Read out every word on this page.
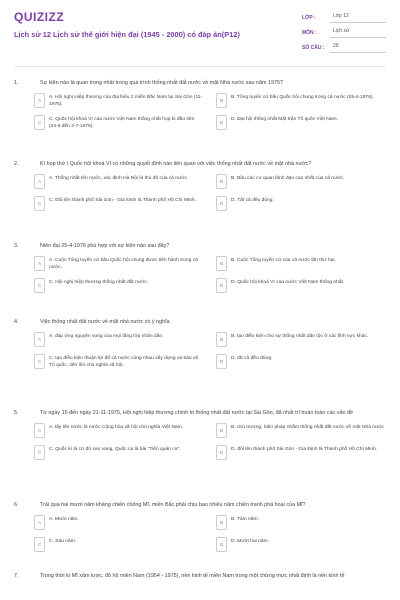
QUIZIZZ
Lịch sử 12 Lịch sử thế giới hiện đại (1945 - 2000) có đáp án(P12)
LỚP :	Lớp 12
MÔN :	Lịch sử
SỐ CÂU :	29
1.	Sự kiện nào là quan trọng nhất trong quá trình thống nhất đất nước về mặt Nhà nước sau năm 1975?
A
A. Hội nghị Hiệp thương của đại biểu 2 miền Bắc Nam tại Sài Gòn (11-1975).
B
B. Tổng tuyển cử bầu Quốc hội chung trong cả nước (25-4-1976).
C
C. Quốc hội khoá VI của nước Việt Nam thống nhất họp kì đầu tiên (24-6 đến 2-7-1976).
D
D. Đại hội thống nhất Mặt trận Tổ quốc Việt Nam.
2.	Kì họp thứ I Quốc hội khoá VI có những quyết định nào liên quan với việc thống nhất đất nước về mặt nhà nước?
A
A. Thống nhất tên nước, xác định Hà Nội là thủ đô của cả nước.
B
B. Bầu các cơ quan lãnh đạo cao nhất của cả nước.
C
C. Đổi tên thành phố Sài Gòn - Gia Định là Thành phố Hồ Chí Minh.
D
D. Tất cả đều đúng.
3.	Niên đại 25-4-1976 phù hợp với sự kiện nào sau đây?
A
A. Cuộc Tổng tuyển cử bầu Quốc hội chung được tiến hành trong cả nước.
B
B. Cuộc Tổng tuyển cử của cả nước lần thứ hai.
C
C. Hội nghị hiệp thương thống nhất đất nước.
D
D. Quốc hội khoá VI của nước Việt Nam thống nhất.
4.	Việc thống nhất đất nước về mặt nhà nước có ý nghĩa
A
A. đáp ứng nguyện vọng của mọi tầng lớp nhân dân.
B
B. tạo điều kiện cho sự thống nhất dân tộc ở các lĩnh vực khác.
C
C. tạo điều kiện thuận lợi để cả nước cùng nhau xây dựng và bảo vệ Tổ quốc, tiến lên chủ nghĩa xã hội.
D
D. tất cả đều đúng.
5.	Từ ngày 15 đến ngày 21-11-1975, Hội nghị hiệp thương chính trị thống nhất đất nước tại Sài Gòn, đã nhất trí hoàn toàn các vấn đề
A
A. lấy tên nước là nước Cộng hòa xã hội chủ nghĩa Việt Nam.
B
B. chủ trương, biện pháp nhằm thống nhất đất nước về mặt Nhà nước
C
C. Quốc kì là cờ đỏ sao vàng, Quốc ca là bài "Tiến quân ca".
D
D. đổi tên thành phố Sài Gòn - Gia Định là Thành phố Hồ Chí Minh.
6.	Trải qua hai mươi năm kháng chiến chống Mĩ, miền Bắc phải chịu bao nhiêu năm chiến tranh phá hoại của Mĩ?
A
A. Mười năm.
B
B. Tám năm.
C
C. Sáu năm.
D
D. Mười hai năm.
7.	Trong thời kì Mĩ xâm lược, đô hộ miền Nam (1954 - 1975), nền kinh tế miền Nam trong một chừng mực nhất định là nền kinh tế
